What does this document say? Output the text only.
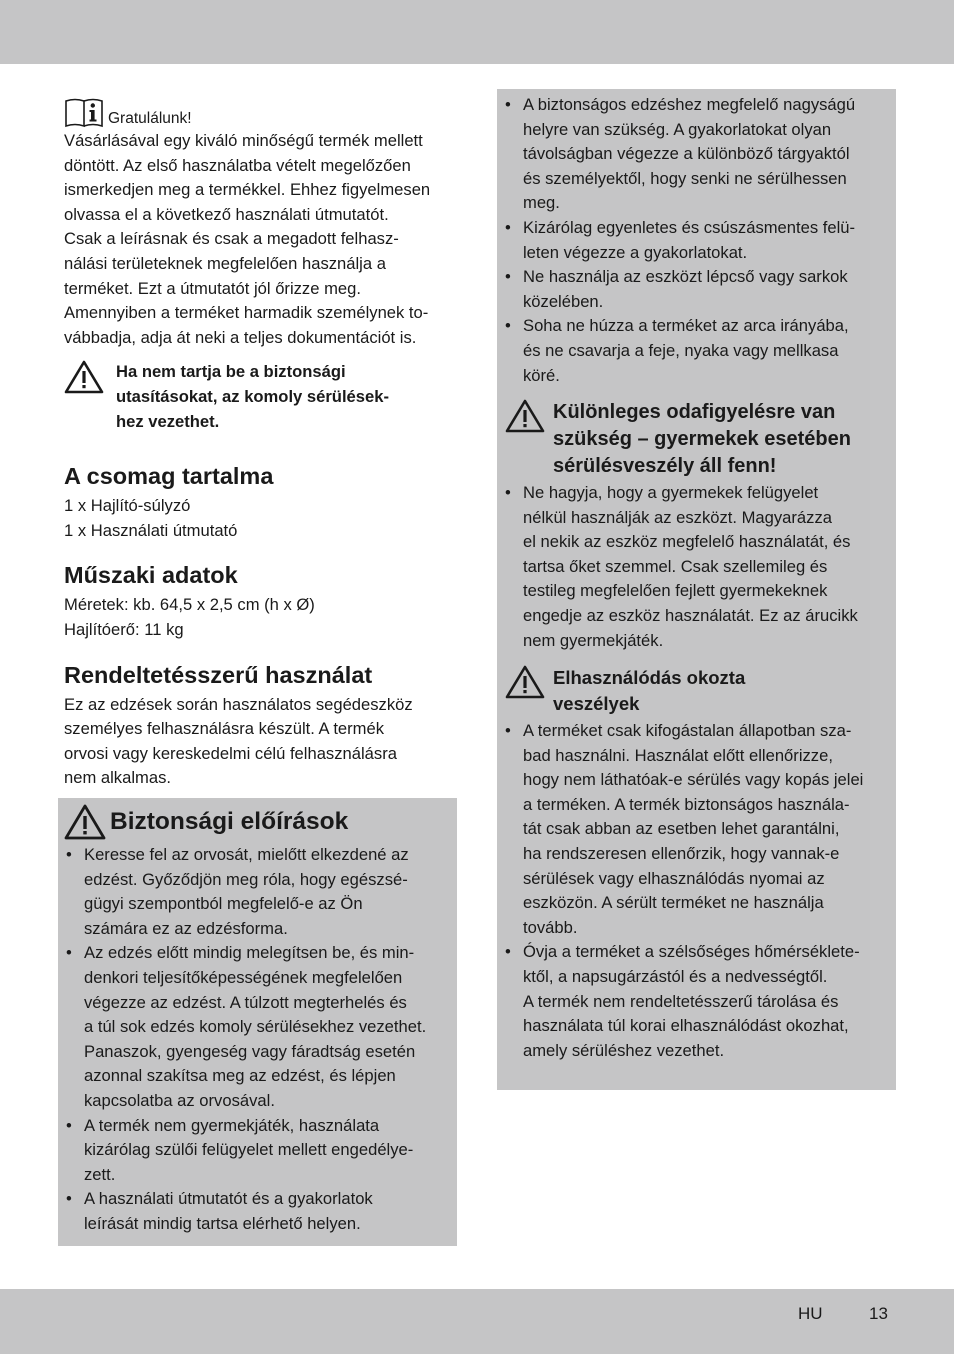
Gratulálunk!
Vásárlásával egy kiváló minőségű termék mellett
döntött. Az első használatba vételt megelőzően
ismerkedjen meg a termékkel. Ehhez figyelmesen
olvassa el a következő használati útmutatót.
Csak a leírásnak és csak a megadott felhasz-
nálási területeknek megfelelően használja a
terméket. Ezt a útmutatót jól őrizze meg.
Amennyiben a terméket harmadik személynek to-
vábbadja, adja át neki a teljes dokumentációt is.
Ha nem tartja be a biztonsági
utasításokat, az komoly sérülések-
hez vezethet.
A csomag tartalma
1 x Hajlító-súlyzó
1 x Használati útmutató
Műszaki adatok
Méretek: kb. 64,5 x 2,5 cm (h x Ø)
Hajlítóerő: 11 kg
Rendeltetésszerű használat
Ez az edzések során használatos segédeszköz
személyes felhasználásra készült. A termék
orvosi vagy kereskedelmi célú felhasználásra
nem alkalmas.
Biztonsági előírások
• Keresse fel az orvosát, mielőtt elkezdené az
edzést. Győződjön meg róla, hogy egészsé-
gügyi szempontból megfelelő-e az Ön
számára ez az edzésforma.
• Az edzés előtt mindig melegítsen be, és min-
denkori teljesítőképességének megfelelően
végezze az edzést. A túlzott megterhelés és
a túl sok edzés komoly sérülésekhez vezethet.
Panaszok, gyengeség vagy fáradtság esetén
azonnal szakítsa meg az edzést, és lépjen
kapcsolatba az orvosával.
• A termék nem gyermekjáték, használata
kizárólag szülői felügyelet mellett engedélye-
zett.
• A használati útmutatót és a gyakorlatok
leírását mindig tartsa elérhető helyen.
• A biztonságos edzéshez megfelelő nagyságú
helyre van szükség. A gyakorlatokat olyan
távolságban végezze a különböző tárgyaktól
és személyektől, hogy senki ne sérülhessen
meg.
• Kizárólag egyenletes és csúszásmentes felü-
leten végezze a gyakorlatokat.
• Ne használja az eszközt lépcső vagy sarkok
közelében.
• Soha ne húzza a terméket az arca irányába,
és ne csavarja a feje, nyaka vagy mellkasa
köré.
Különleges odafigyelésre van
szükség – gyermekek esetében
sérülésveszély áll fenn!
• Ne hagyja, hogy a gyermekek felügyelet
nélkül használják az eszközt. Magyarázza
el nekik az eszköz megfelelő használatát, és
tartsa őket szemmel. Csak szellemileg és
testileg megfelelően fejlett gyermekeknek
engedje az eszköz használatát. Ez az árucikk
nem gyermekjáték.
Elhasználódás okozta
veszélyek
• A terméket csak kifogástalan állapotban sza-
bad használni. Használat előtt ellenőrizze,
hogy nem láthatóak-e sérülés vagy kopás jelei
a terméken. A termék biztonságos használa-
tát csak abban az esetben lehet garantálni,
ha rendszeresen ellenőrzik, hogy vannak-e
sérülések vagy elhasználódás nyomai az
eszközön. A sérült terméket ne használja
tovább.
• Óvja a terméket a szélsőséges hőmérséklete-
ktől, a napsugárzástól és a nedvességtől.
A termék nem rendeltetésszerű tárolása és
használata túl korai elhasználódást okozhat,
amely sérüléshez vezethet.
HU	13
